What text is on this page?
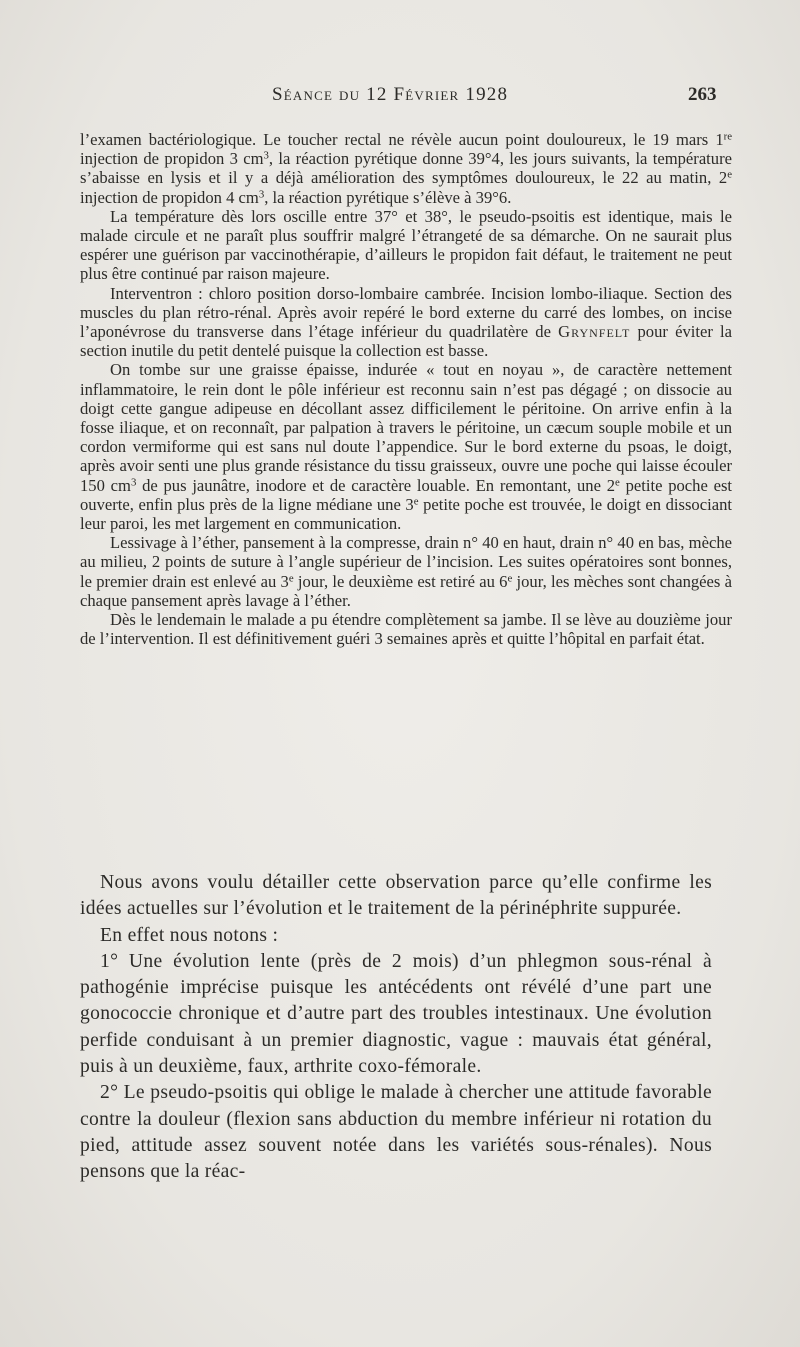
Séance du 12 Février 1928	263

l’examen bactériologique. Le toucher rectal ne révèle aucun point douloureux, le 19 mars 1re injection de propidon 3 $cm^3$, la réaction pyrétique donne 39°4, les jours suivants, la température s’abaisse en lysis et il y a déjà amélioration des symptômes douloureux, le 22 au matin, 2e injection de propidon 4 $cm^3$, la réaction pyrétique s’élève à 39°6.

La température dès lors oscille entre 37° et 38°, le pseudo-psoitis est identique, mais le malade circule et ne paraît plus souffrir malgré l’étrangeté de sa démarche. On ne saurait plus espérer une guérison par vaccinothérapie, d’ailleurs le propidon fait défaut, le traitement ne peut plus être continué par raison majeure.

Interventron : chloro position dorso-lombaire cambrée. Incision lombo-iliaque. Section des muscles du plan rétro-rénal. Après avoir repéré le bord externe du carré des lombes, on incise l’aponévrose du transverse dans l’étage inférieur du quadrilatère de Grynfelt pour éviter la section inutile du petit dentelé puisque la collection est basse.

On tombe sur une graisse épaisse, indurée « tout en noyau », de caractère nettement inflammatoire, le rein dont le pôle inférieur est reconnu sain n’est pas dégagé ; on dissocie au doigt cette gangue adipeuse en décollant assez difficilement le péritoine. On arrive enfin à la fosse iliaque, et on reconnaît, par palpation à travers le péritoine, un cæcum souple mobile et un cordon vermiforme qui est sans nul doute l’appendice. Sur le bord externe du psoas, le doigt, après avoir senti une plus grande résistance du tissu graisseux, ouvre une poche qui laisse écouler 150 $cm^3$ de pus jaunâtre, inodore et de caractère louable. En remontant, une 2e petite poche est ouverte, enfin plus près de la ligne médiane une 3e petite poche est trouvée, le doigt en dissociant leur paroi, les met largement en communication.

Lessivage à l’éther, pansement à la compresse, drain n° 40 en haut, drain n° 40 en bas, mèche au milieu, 2 points de suture à l’angle supérieur de l’incision. Les suites opératoires sont bonnes, le premier drain est enlevé au 3e jour, le deuxième est retiré au 6e jour, les mèches sont changées à chaque pansement après lavage à l’éther.

Dès le lendemain le malade a pu étendre complètement sa jambe. Il se lève au douzième jour de l’intervention. Il est définitivement guéri 3 semaines après et quitte l’hôpital en parfait état.

Nous avons voulu détailler cette observation parce qu’elle confirme les idées actuelles sur l’évolution et le traitement de la périnéphrite suppurée.

En effet nous notons :

1° Une évolution lente (près de 2 mois) d’un phlegmon sous-rénal à pathogénie imprécise puisque les antécédents ont révélé d’une part une gonococcie chronique et d’autre part des troubles intestinaux. Une évolution perfide conduisant à un premier diagnostic, vague : mauvais état général, puis à un deuxième, faux, arthrite coxo-fémorale.

2° Le pseudo-psoitis qui oblige le malade à chercher une attitude favorable contre la douleur (flexion sans abduction du membre inférieur ni rotation du pied, attitude assez souvent notée dans les variétés sous-rénales). Nous pensons que la réac-
